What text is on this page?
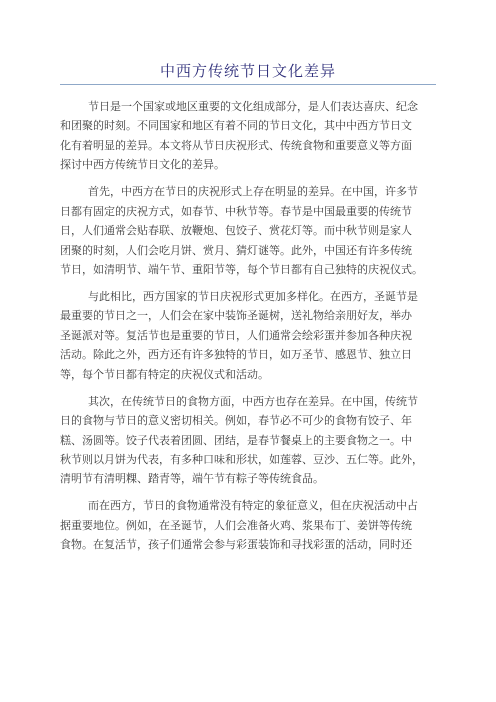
中西方传统节日文化差异
节日是一个国家或地区重要的文化组成部分，是人们表达喜庆、纪念
和团聚的时刻。不同国家和地区有着不同的节日文化，其中中西方节日文
化有着明显的差异。本文将从节日庆祝形式、传统食物和重要意义等方面
探讨中西方传统节日文化的差异。
首先，中西方在节日的庆祝形式上存在明显的差异。在中国，许多节
日都有固定的庆祝方式，如春节、中秋节等。春节是中国最重要的传统节
日，人们通常会贴春联、放鞭炮、包饺子、赏花灯等。而中秋节则是家人
团聚的时刻，人们会吃月饼、赏月、猜灯谜等。此外，中国还有许多传统
节日，如清明节、端午节、重阳节等，每个节日都有自己独特的庆祝仪式。
与此相比，西方国家的节日庆祝形式更加多样化。在西方，圣诞节是
最重要的节日之一，人们会在家中装饰圣诞树，送礼物给亲朋好友，举办
圣诞派对等。复活节也是重要的节日，人们通常会绘彩蛋并参加各种庆祝
活动。除此之外，西方还有许多独特的节日，如万圣节、感恩节、独立日
等，每个节日都有特定的庆祝仪式和活动。
其次，在传统节日的食物方面，中西方也存在差异。在中国，传统节
日的食物与节日的意义密切相关。例如，春节必不可少的食物有饺子、年
糕、汤圆等。饺子代表着团圆、团结，是春节餐桌上的主要食物之一。中
秋节则以月饼为代表，有多种口味和形状，如莲蓉、豆沙、五仁等。此外，
清明节有清明粿、踏青等，端午节有粽子等传统食品。
而在西方，节日的食物通常没有特定的象征意义，但在庆祝活动中占
据重要地位。例如，在圣诞节，人们会准备火鸡、浆果布丁、姜饼等传统
食物。在复活节，孩子们通常会参与彩蛋装饰和寻找彩蛋的活动，同时还
